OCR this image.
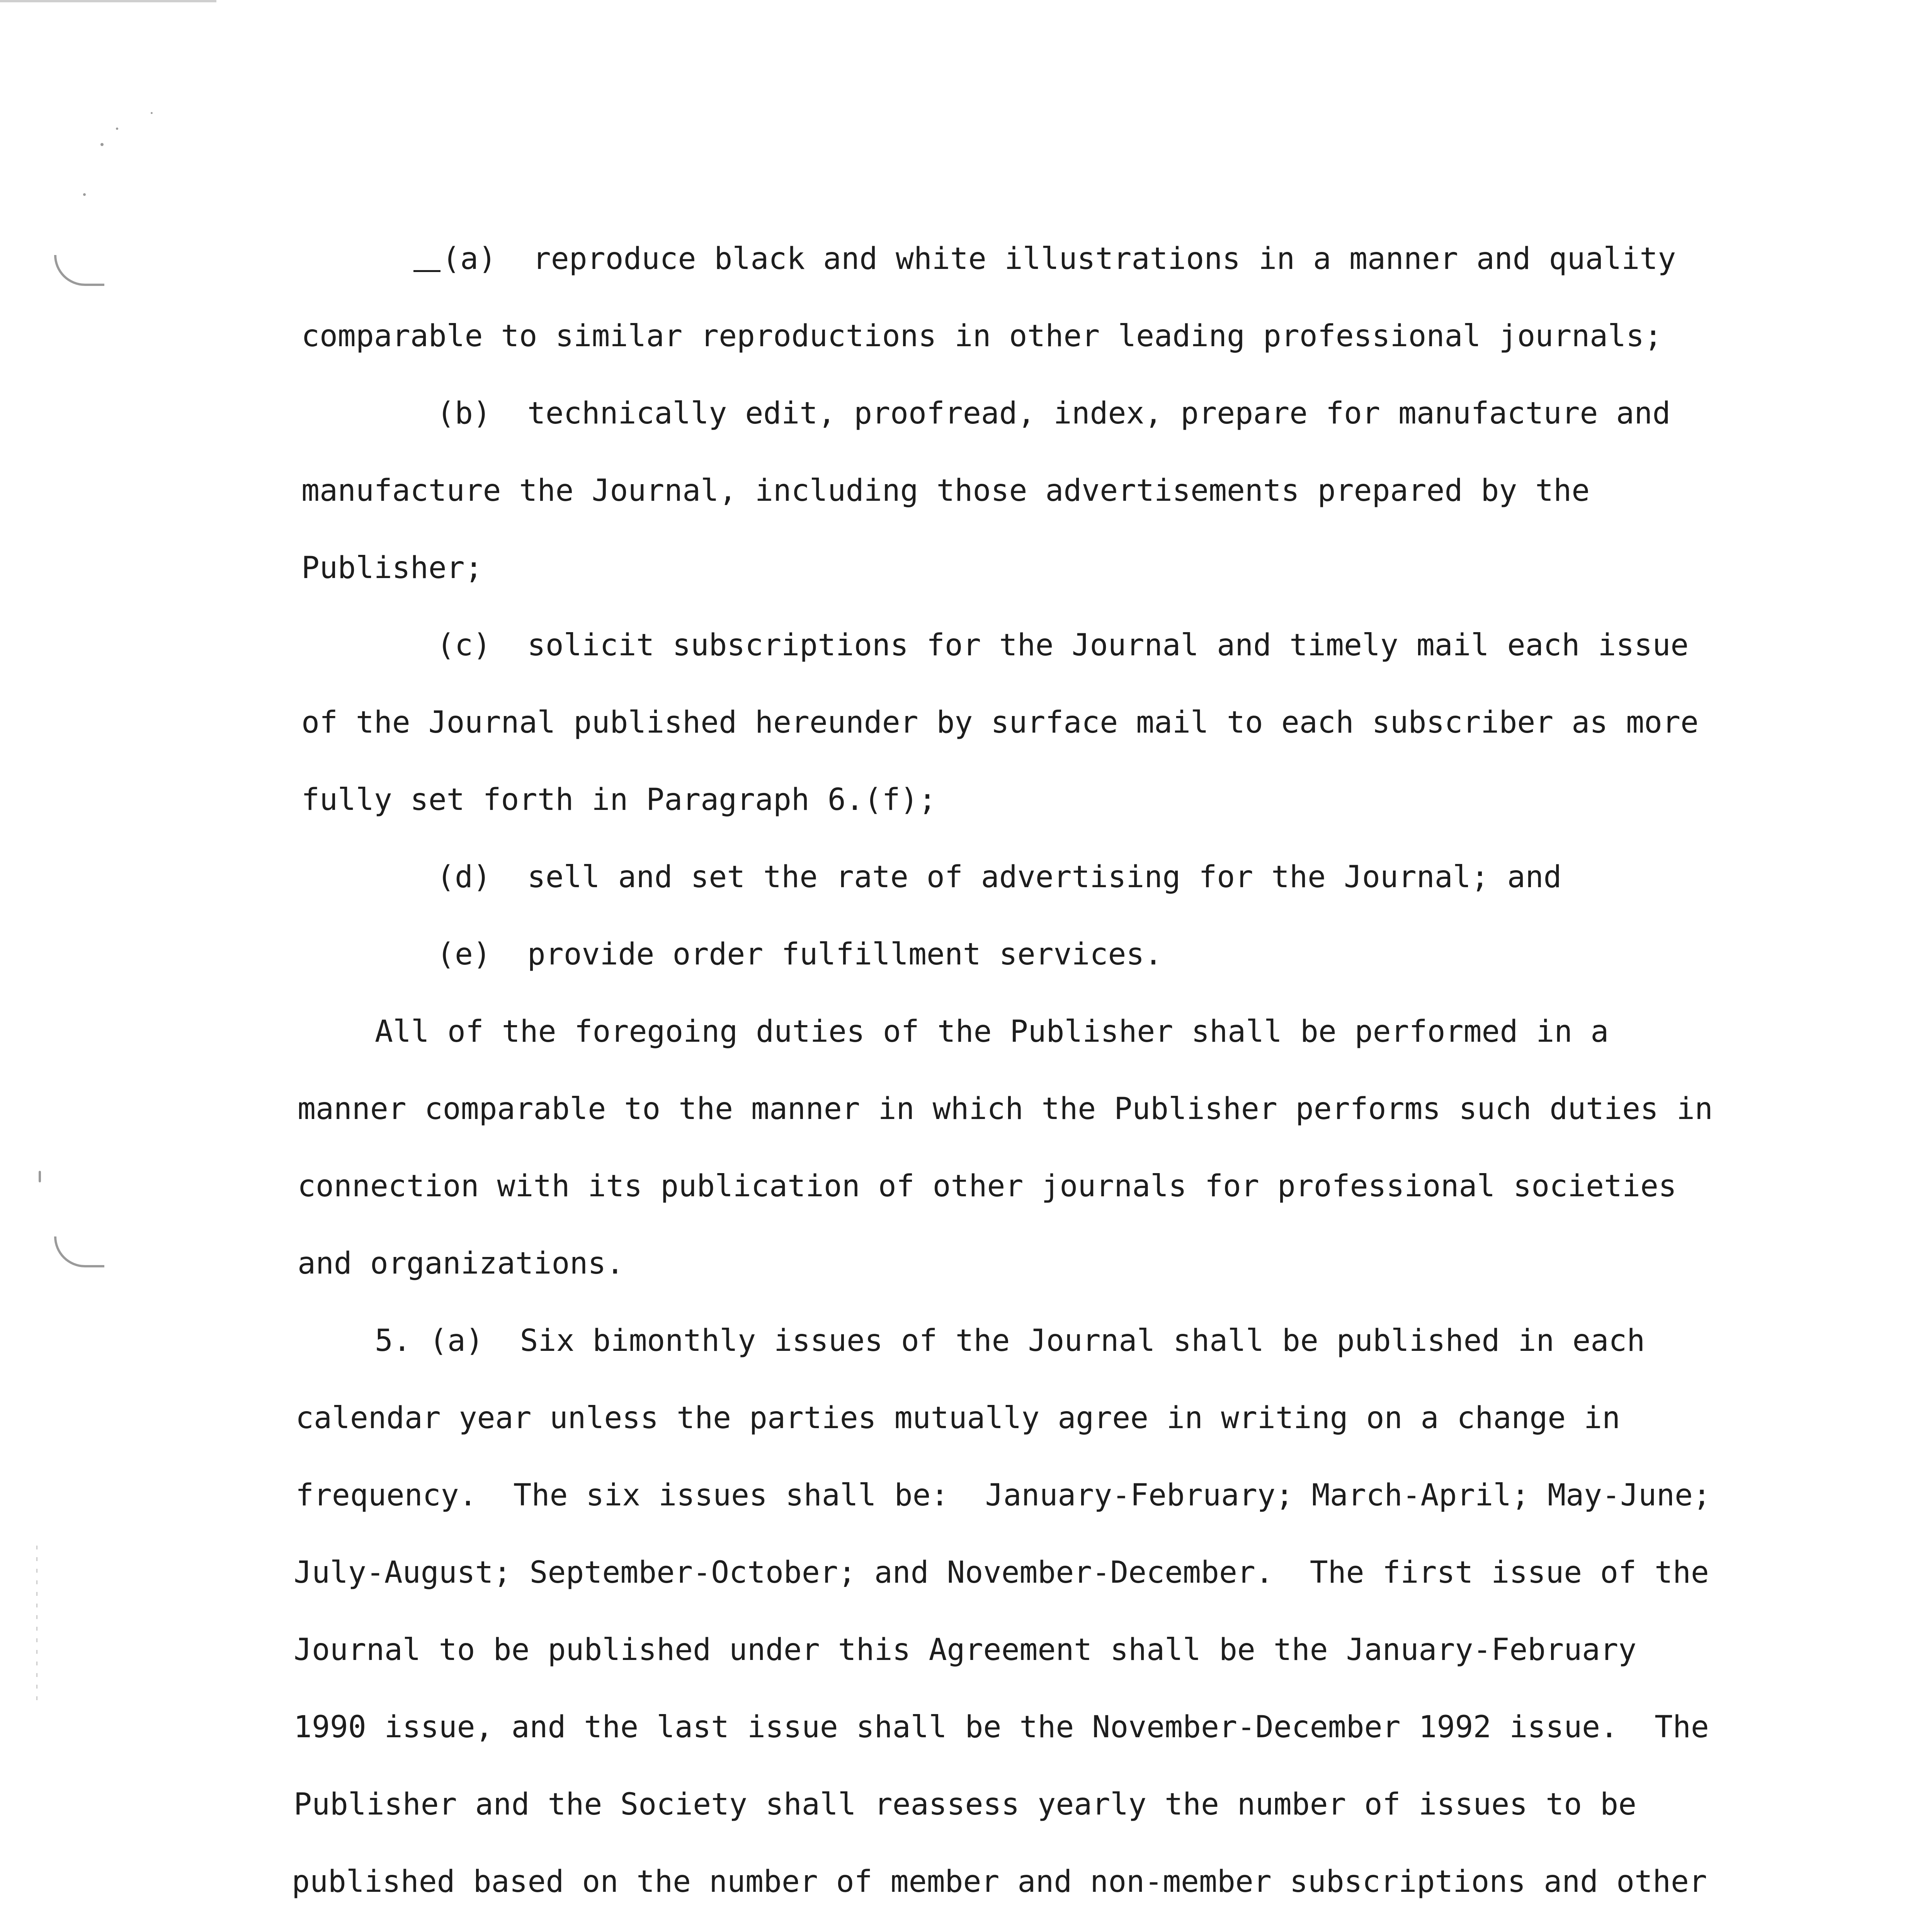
(a)  reproduce black and white illustrations in a manner and quality

comparable to similar reproductions in other leading professional journals;

(b)  technically edit, proofread, index, prepare for manufacture and

manufacture the Journal, including those advertisements prepared by the

Publisher;

(c)  solicit subscriptions for the Journal and timely mail each issue

of the Journal published hereunder by surface mail to each subscriber as more

fully set forth in Paragraph 6.(f);

(d)  sell and set the rate of advertising for the Journal; and

(e)  provide order fulfillment services.

All of the foregoing duties of the Publisher shall be performed in a

manner comparable to the manner in which the Publisher performs such duties in

connection with its publication of other journals for professional societies

and organizations.

5. (a)  Six bimonthly issues of the Journal shall be published in each

calendar year unless the parties mutually agree in writing on a change in

frequency.  The six issues shall be:  January-February; March-April; May-June;

July-August; September-October; and November-December.  The first issue of the

Journal to be published under this Agreement shall be the January-February

1990 issue, and the last issue shall be the November-December 1992 issue.  The

Publisher and the Society shall reassess yearly the number of issues to be

published based on the number of member and non-member subscriptions and other
